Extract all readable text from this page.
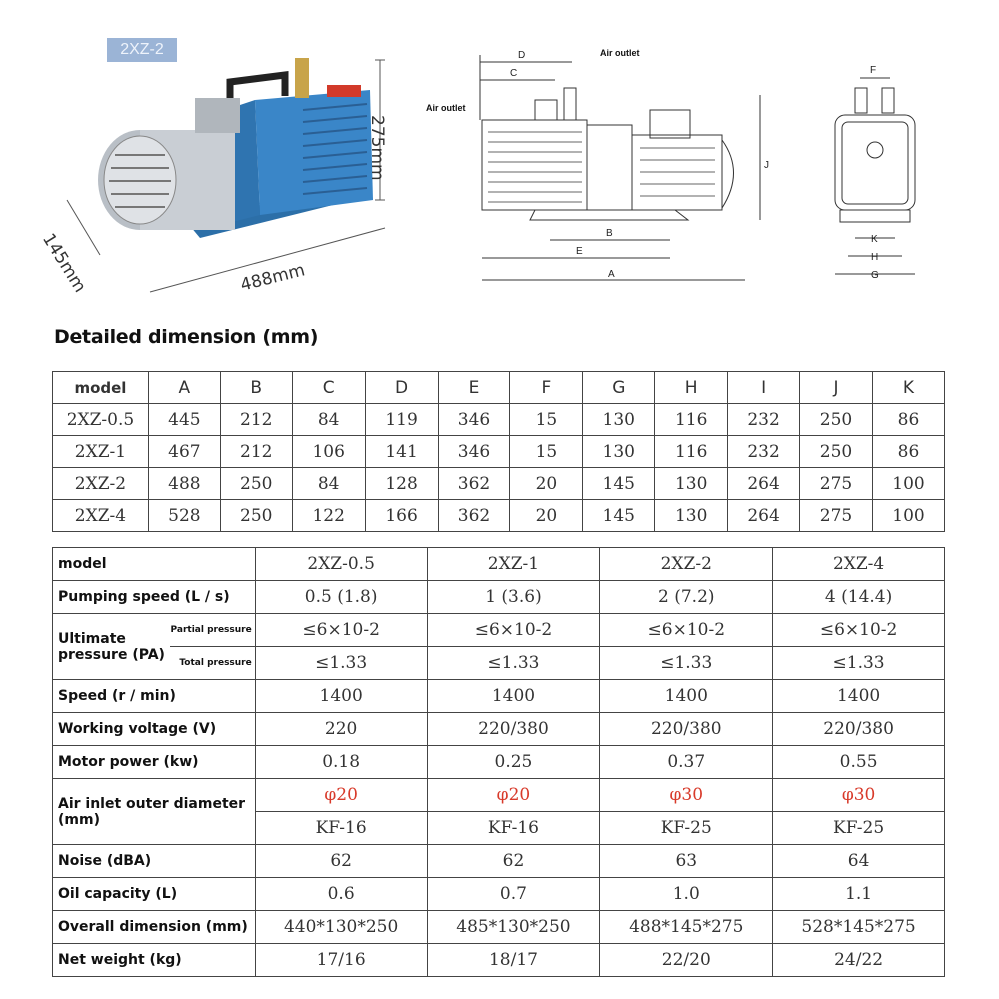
2XZ-2
275mm
145mm	488mm
Air outlet
Air outlet
D
C
J
B
E
A
F
K
H
G
Detailed dimension (mm)
model	A	B	C	D	E	F	G	H	I	J	K
2XZ-0.5	445	212	84	119	346	15	130	116	232	250	86
2XZ-1	467	212	106	141	346	15	130	116	232	250	86
2XZ-2	488	250	84	128	362	20	145	130	264	275	100
2XZ-4	528	250	122	166	362	20	145	130	264	275	100
model		2XZ-0.5	2XZ-1	2XZ-2	2XZ-4
Pumping speed (L / s)		0.5 (1.8)	1 (3.6)	2 (7.2)	4 (14.4)
Ultimate pressure (PA)	Partial pressure	≤6×10-2	≤6×10-2	≤6×10-2	≤6×10-2
	Total pressure	≤1.33	≤1.33	≤1.33	≤1.33
Speed (r / min)		1400	1400	1400	1400
Working voltage (V)		220	220/380	220/380	220/380
Motor power (kw)		0.18	0.25	0.37	0.55
Air inlet outer diameter (mm)		φ20	φ20	φ30	φ30
		KF-16	KF-16	KF-25	KF-25
Noise (dBA)		62	62	63	64
Oil capacity (L)		0.6	0.7	1.0	1.1
Overall dimension (mm)		440*130*250	485*130*250	488*145*275	528*145*275
Net weight (kg)		17/16	18/17	22/20	24/22
